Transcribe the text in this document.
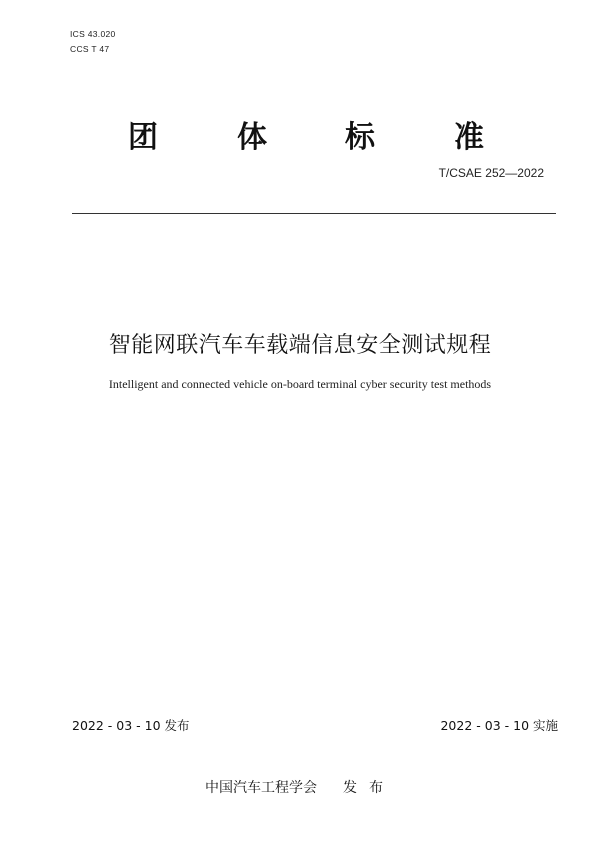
ICS 43.020
CCS T 47
团	体	标	准
T/CSAE 252—2022
智能网联汽车车载端信息安全测试规程
Intelligent and connected vehicle on-board terminal cyber security test methods
2022 - 03 - 10 发布	2022 - 03 - 10 实施
中国汽车工程学会 发布
